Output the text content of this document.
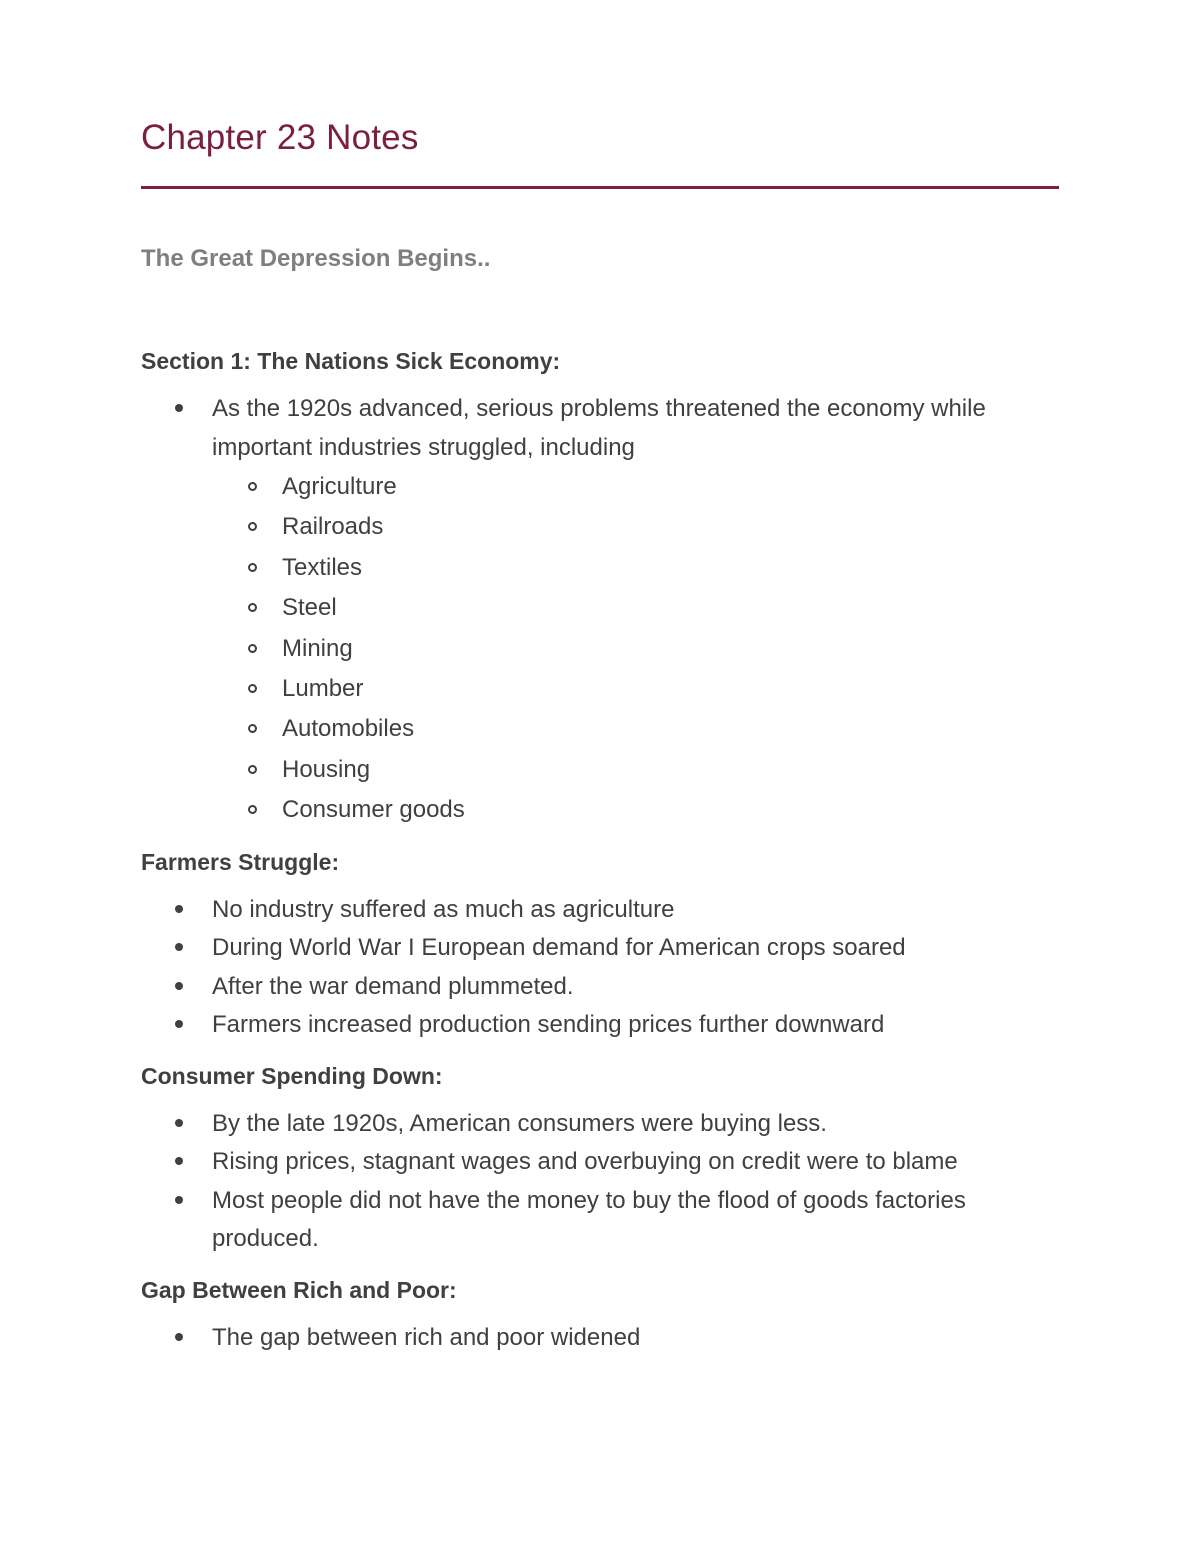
Chapter 23 Notes
The Great Depression Begins..
Section 1: The Nations Sick Economy:
As the 1920s advanced, serious problems threatened the economy while important industries struggled, including
Agriculture
Railroads
Textiles
Steel
Mining
Lumber
Automobiles
Housing
Consumer goods
Farmers Struggle:
No industry suffered as much as agriculture
During World War I European demand for American crops soared
After the war demand plummeted.
Farmers increased production sending prices further downward
Consumer Spending Down:
By the late 1920s, American consumers were buying less.
Rising prices, stagnant wages and overbuying on credit were to blame
Most people did not have the money to buy the flood of goods factories produced.
Gap Between Rich and Poor:
The gap between rich and poor widened
